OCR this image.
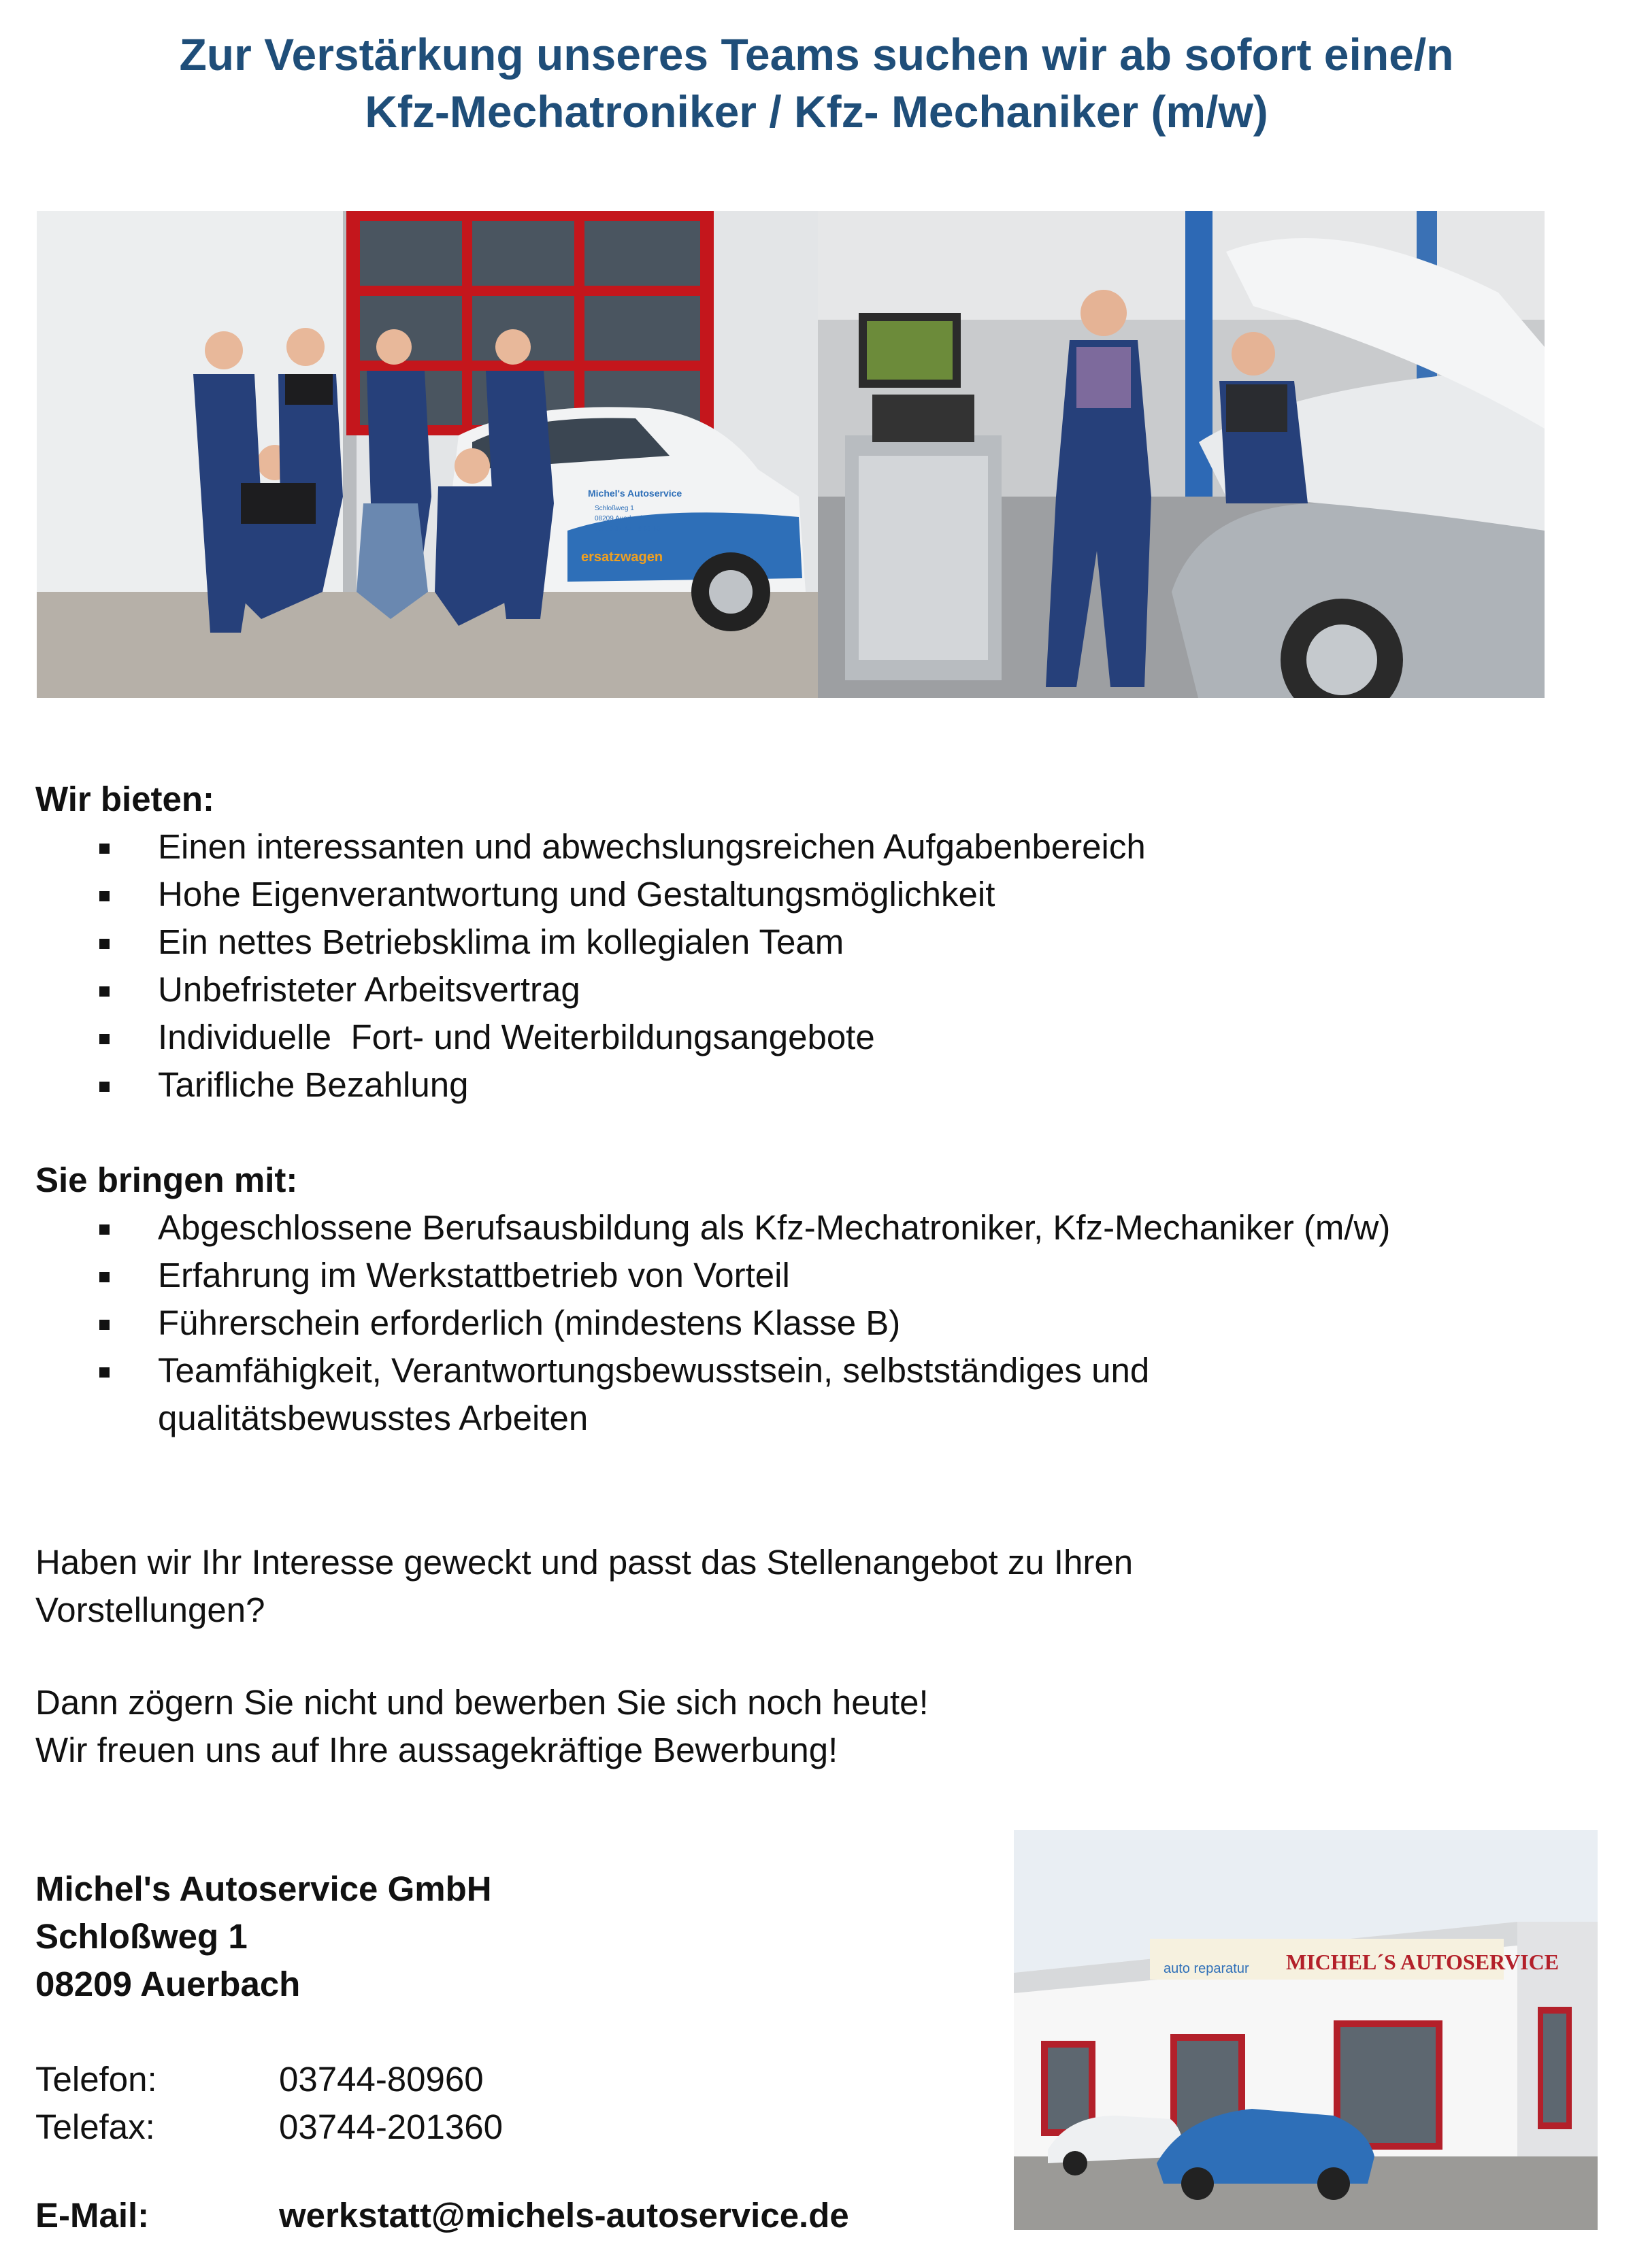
Zur Verstärkung unseres Teams suchen wir ab sofort eine/n
Kfz-Mechatroniker / Kfz- Mechaniker (m/w)
Michel's Autoservice
Schloßweg 1
08209 Auerbach
Tel.: 0 37 44 - 8 09 60
ersatzwagen
Wir bieten:
Einen interessanten und abwechslungsreichen Aufgabenbereich
Hohe Eigenverantwortung und Gestaltungsmöglichkeit
Ein nettes Betriebsklima im kollegialen Team
Unbefristeter Arbeitsvertrag
Individuelle  Fort- und Weiterbildungsangebote
Tarifliche Bezahlung
Sie bringen mit:
Abgeschlossene Berufsausbildung als Kfz-Mechatroniker, Kfz-Mechaniker (m/w)
Erfahrung im Werkstattbetrieb von Vorteil
Führerschein erforderlich (mindestens Klasse B)
Teamfähigkeit, Verantwortungsbewusstsein, selbstständiges und qualitätsbewusstes Arbeiten
Haben wir Ihr Interesse geweckt und passt das Stellenangebot zu Ihren
Vorstellungen?
Dann zögern Sie nicht und bewerben Sie sich noch heute!
Wir freuen uns auf Ihre aussagekräftige Bewerbung!
Michel's Autoservice GmbH
Schloßweg 1
08209 Auerbach
Telefon:	03744-80960
Telefax:	03744-201360
E-Mail:	werkstatt@michels-autoservice.de
MICHEL´S AUTOSERVICE
auto reparatur
